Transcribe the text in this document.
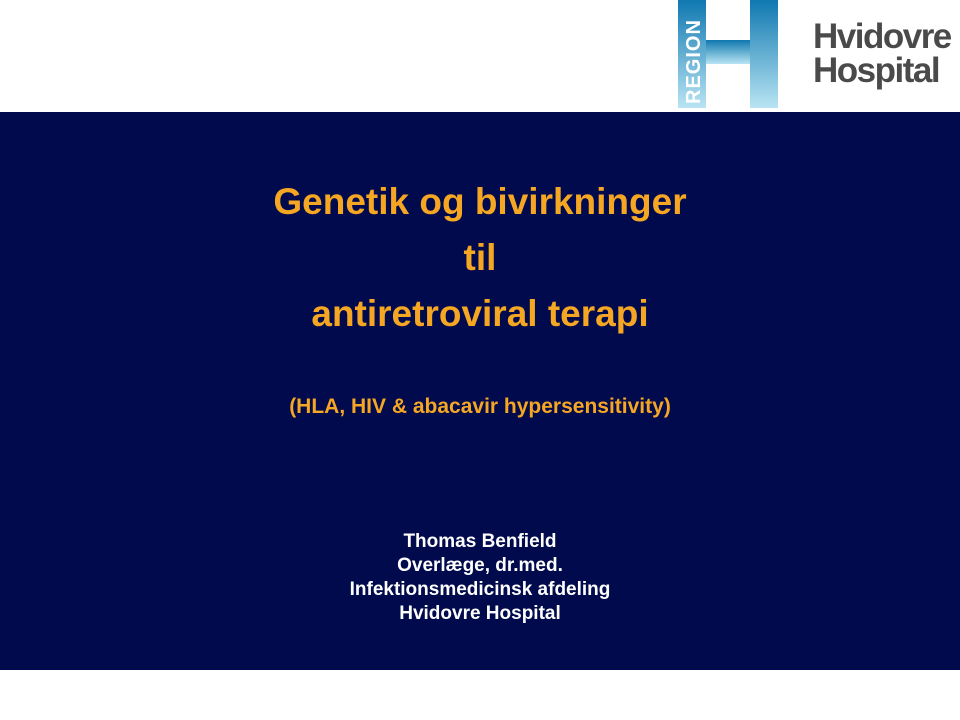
REGION	Hvidovre
Hospital
Genetik og bivirkninger
til
antiretroviral terapi
(HLA, HIV & abacavir hypersensitivity)
Thomas Benfield
Overlæge, dr.med.
Infektionsmedicinsk afdeling
Hvidovre Hospital
